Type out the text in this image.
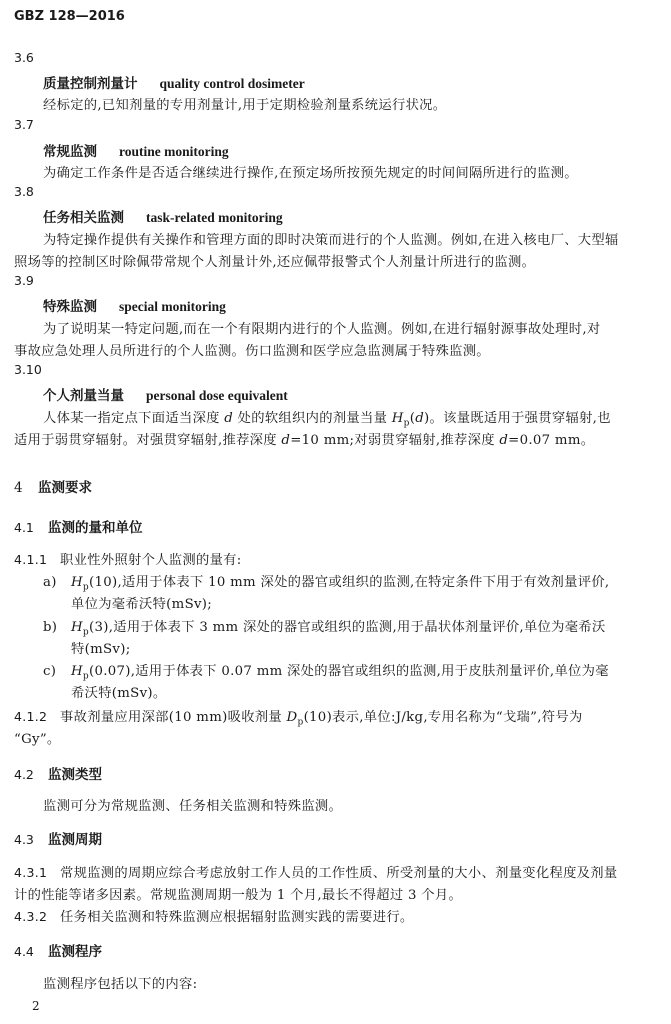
GBZ 128—2016
3.6
质量控制剂量计 quality control dosimeter
经标定的,已知剂量的专用剂量计,用于定期检验剂量系统运行状况。
3.7
常规监测 routine monitoring
为确定工作条件是否适合继续进行操作,在预定场所按预先规定的时间间隔所进行的监测。
3.8
任务相关监测 task-related monitoring
为特定操作提供有关操作和管理方面的即时决策而进行的个人监测。例如,在进入核电厂、大型辐
照场等的控制区时除佩带常规个人剂量计外,还应佩带报警式个人剂量计所进行的监测。
3.9
特殊监测 special monitoring
为了说明某一特定问题,而在一个有限期内进行的个人监测。例如,在进行辐射源事故处理时,对
事故应急处理人员所进行的个人监测。伤口监测和医学应急监测属于特殊监测。
3.10
个人剂量当量 personal dose equivalent
人体某一指定点下面适当深度 d 处的软组织内的剂量当量 $H_p(d)$。该量既适用于强贯穿辐射,也
适用于弱贯穿辐射。对强贯穿辐射,推荐深度 d=10 mm;对弱贯穿辐射,推荐深度 d=0.07 mm。
4 监测要求
4.1 监测的量和单位
4.1.1 职业性外照射个人监测的量有:
a) $H_p(10)$,适用于体表下 10 mm 深处的器官或组织的监测,在特定条件下用于有效剂量评价,
单位为毫希沃特(mSv);
b) $H_p(3)$,适用于体表下 3 mm 深处的器官或组织的监测,用于晶状体剂量评价,单位为毫希沃
特(mSv);
c) $H_p(0.07)$,适用于体表下 0.07 mm 深处的器官或组织的监测,用于皮肤剂量评价,单位为毫
希沃特(mSv)。
4.1.2 事故剂量应用深部(10 mm)吸收剂量 $D_p(10)$表示,单位:J/kg,专用名称为“戈瑞”,符号为
“Gy”。
4.2 监测类型
监测可分为常规监测、任务相关监测和特殊监测。
4.3 监测周期
4.3.1 常规监测的周期应综合考虑放射工作人员的工作性质、所受剂量的大小、剂量变化程度及剂量
计的性能等诸多因素。常规监测周期一般为 1 个月,最长不得超过 3 个月。
4.3.2 任务相关监测和特殊监测应根据辐射监测实践的需要进行。
4.4 监测程序
监测程序包括以下的内容:
2
